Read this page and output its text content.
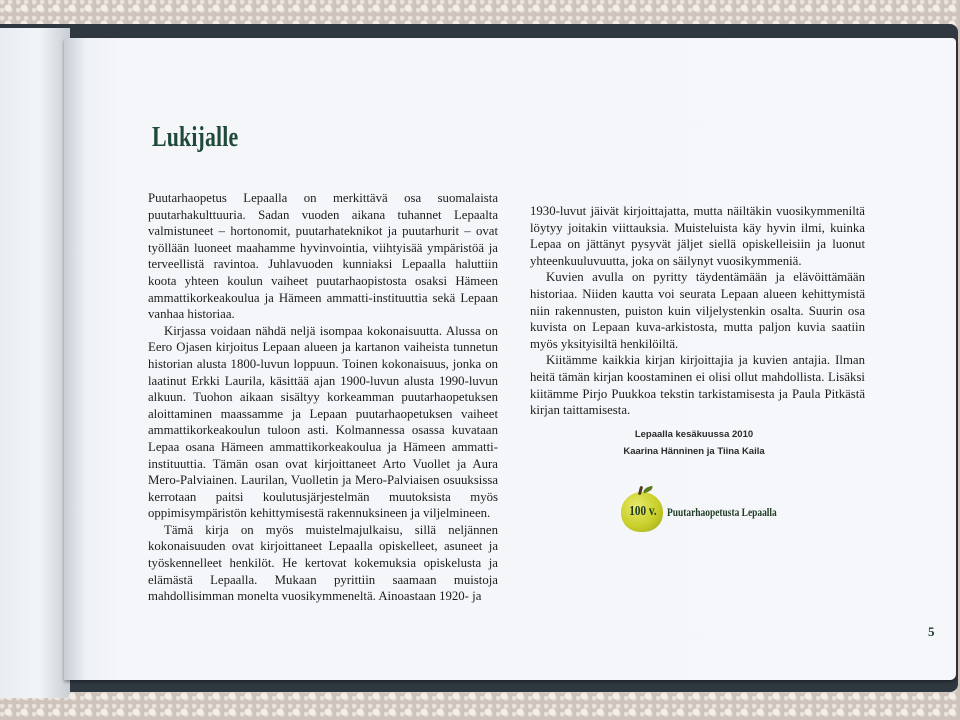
Lukijalle

Puutarhaopetus Lepaalla on merkittävä osa suomalaista puutarhakulttuuria. Sadan vuoden aikana tuhannet Lepaalta valmistuneet – hortonomit, puutarhateknikot ja puutarhurit – ovat työllään luoneet maahamme hyvinvointia, viihtyisää ympäristöä ja terveellistä ravintoa. Juhlavuoden kunniaksi Lepaalla haluttiin koota yhteen koulun vaiheet puutarhaopistosta osaksi Hämeen ammattikorkeakoulua ja Hämeen ammatti-instituuttia sekä Lepaan vanhaa historiaa.

Kirjassa voidaan nähdä neljä isompaa kokonaisuutta. Alussa on Eero Ojasen kirjoitus Lepaan alueen ja kartanon vaiheista tunnetun historian alusta 1800-luvun loppuun. Toinen kokonaisuus, jonka on laatinut Erkki Laurila, käsittää ajan 1900-luvun alusta 1990-luvun alkuun. Tuohon aikaan sisältyy korkeamman puutarhaopetuksen aloittaminen maassamme ja Lepaan puutarhaopetuksen vaiheet ammattikorkeakoulun tuloon asti. Kolmannessa osassa kuvataan Lepaa osana Hämeen ammattikorkeakoulua ja Hämeen ammatti-instituuttia. Tämän osan ovat kirjoittaneet Arto Vuollet ja Aura Mero-Palviainen. Laurilan, Vuolletin ja Mero-Palviaisen osuuksissa kerrotaan paitsi koulutusjärjestelmän muutoksista myös oppimisympäristön kehittymisestä rakennuksineen ja viljelmineen.

Tämä kirja on myös muistelmajulkaisu, sillä neljännen kokonaisuuden ovat kirjoittaneet Lepaalla opiskelleet, asuneet ja työskennelleet henkilöt. He kertovat kokemuksia opiskelusta ja elämästä Lepaalla. Mukaan pyrittiin saamaan muistoja mahdollisimman monelta vuosikymmeneltä. Ainoastaan 1920- ja

1930-luvut jäivät kirjoittajatta, mutta näiltäkin vuosikymmeniltä löytyy joitakin viittauksia. Muisteluista käy hyvin ilmi, kuinka Lepaa on jättänyt pysyvät jäljet siellä opiskelleisiin ja luonut yhteenkuuluvuutta, joka on säilynyt vuosikymmeniä.

Kuvien avulla on pyritty täydentämään ja elävöittämään historiaa. Niiden kautta voi seurata Lepaan alueen kehittymistä niin rakennusten, puiston kuin viljelystenkin osalta. Suurin osa kuvista on Lepaan kuva-arkistosta, mutta paljon kuvia saatiin myös yksityisiltä henkilöiltä.

Kiitämme kaikkia kirjan kirjoittajia ja kuvien antajia. Ilman heitä tämän kirjan koostaminen ei olisi ollut mahdollista. Lisäksi kiitämme Pirjo Puukkoa tekstin tarkistamisesta ja Paula Pitkästä kirjan taittamisesta.

Lepaalla kesäkuussa 2010
Kaarina Hänninen ja Tiina Kaila
100 v. Puutarhaopetusta Lepaalla
5
